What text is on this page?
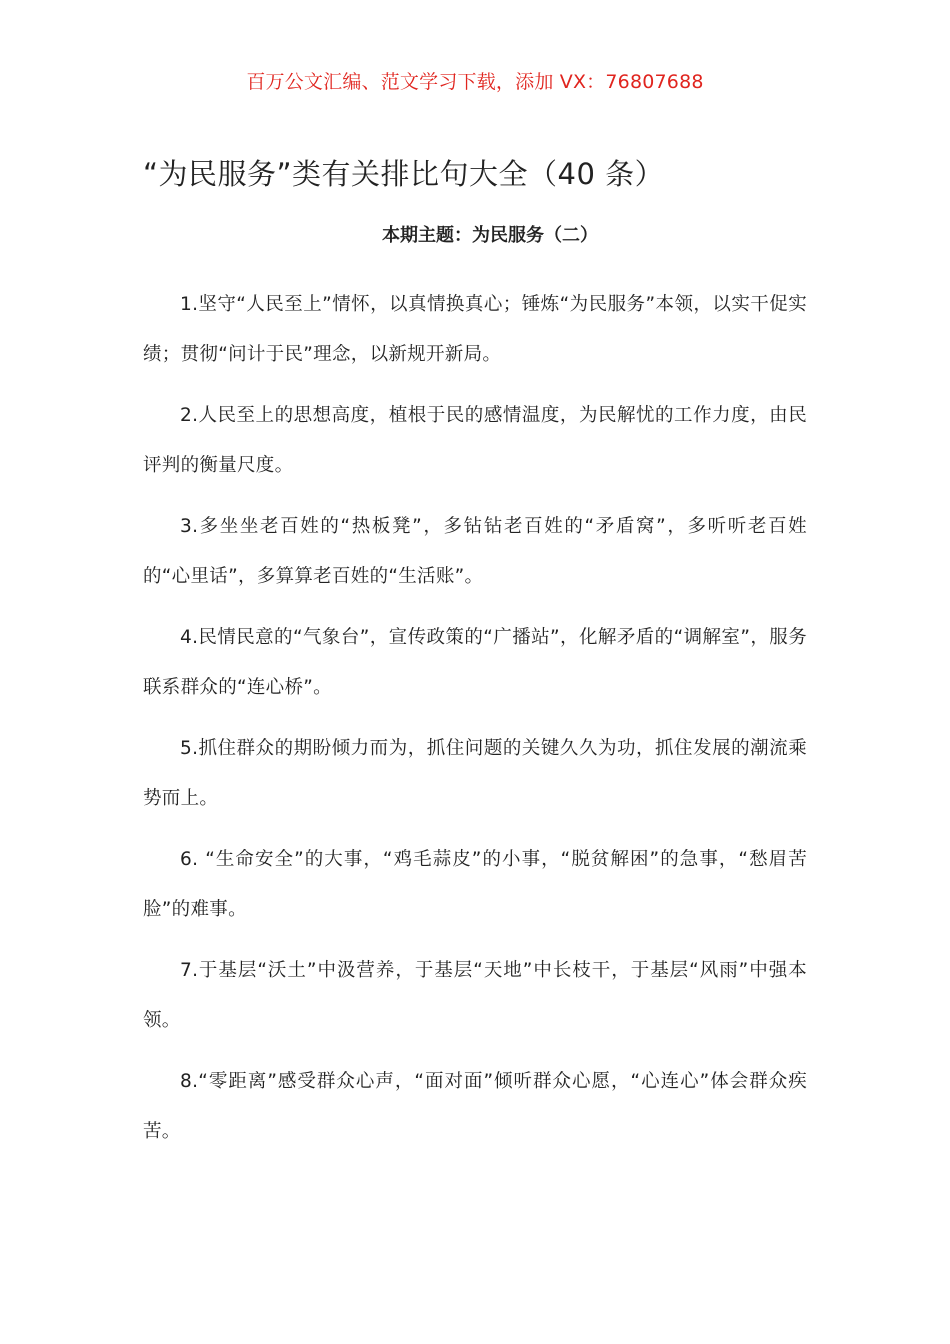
百万公文汇编、范文学习下载，添加 VX：76807688
“为民服务”类有关排比句大全（40 条）
本期主题：为民服务（二）

1.坚守“人民至上”情怀，以真情换真心；锤炼“为民服务”本领，以实干促实绩；贯彻“问计于民”理念，以新规开新局。

2.人民至上的思想高度，植根于民的感情温度，为民解忧的工作力度，由民评判的衡量尺度。

3.多坐坐老百姓的“热板凳”，多钻钻老百姓的“矛盾窝”，多听听老百姓的“心里话”，多算算老百姓的“生活账”。

4.民情民意的“气象台”，宣传政策的“广播站”，化解矛盾的“调解室”，服务联系群众的“连心桥”。

5.抓住群众的期盼倾力而为，抓住问题的关键久久为功，抓住发展的潮流乘势而上。

6. “生命安全”的大事，“鸡毛蒜皮”的小事，“脱贫解困”的急事，“愁眉苦脸”的难事。

7.于基层“沃土”中汲营养，于基层“天地”中长枝干，于基层“风雨”中强本领。

8.“零距离”感受群众心声，“面对面”倾听群众心愿，“心连心”体会群众疾苦。
